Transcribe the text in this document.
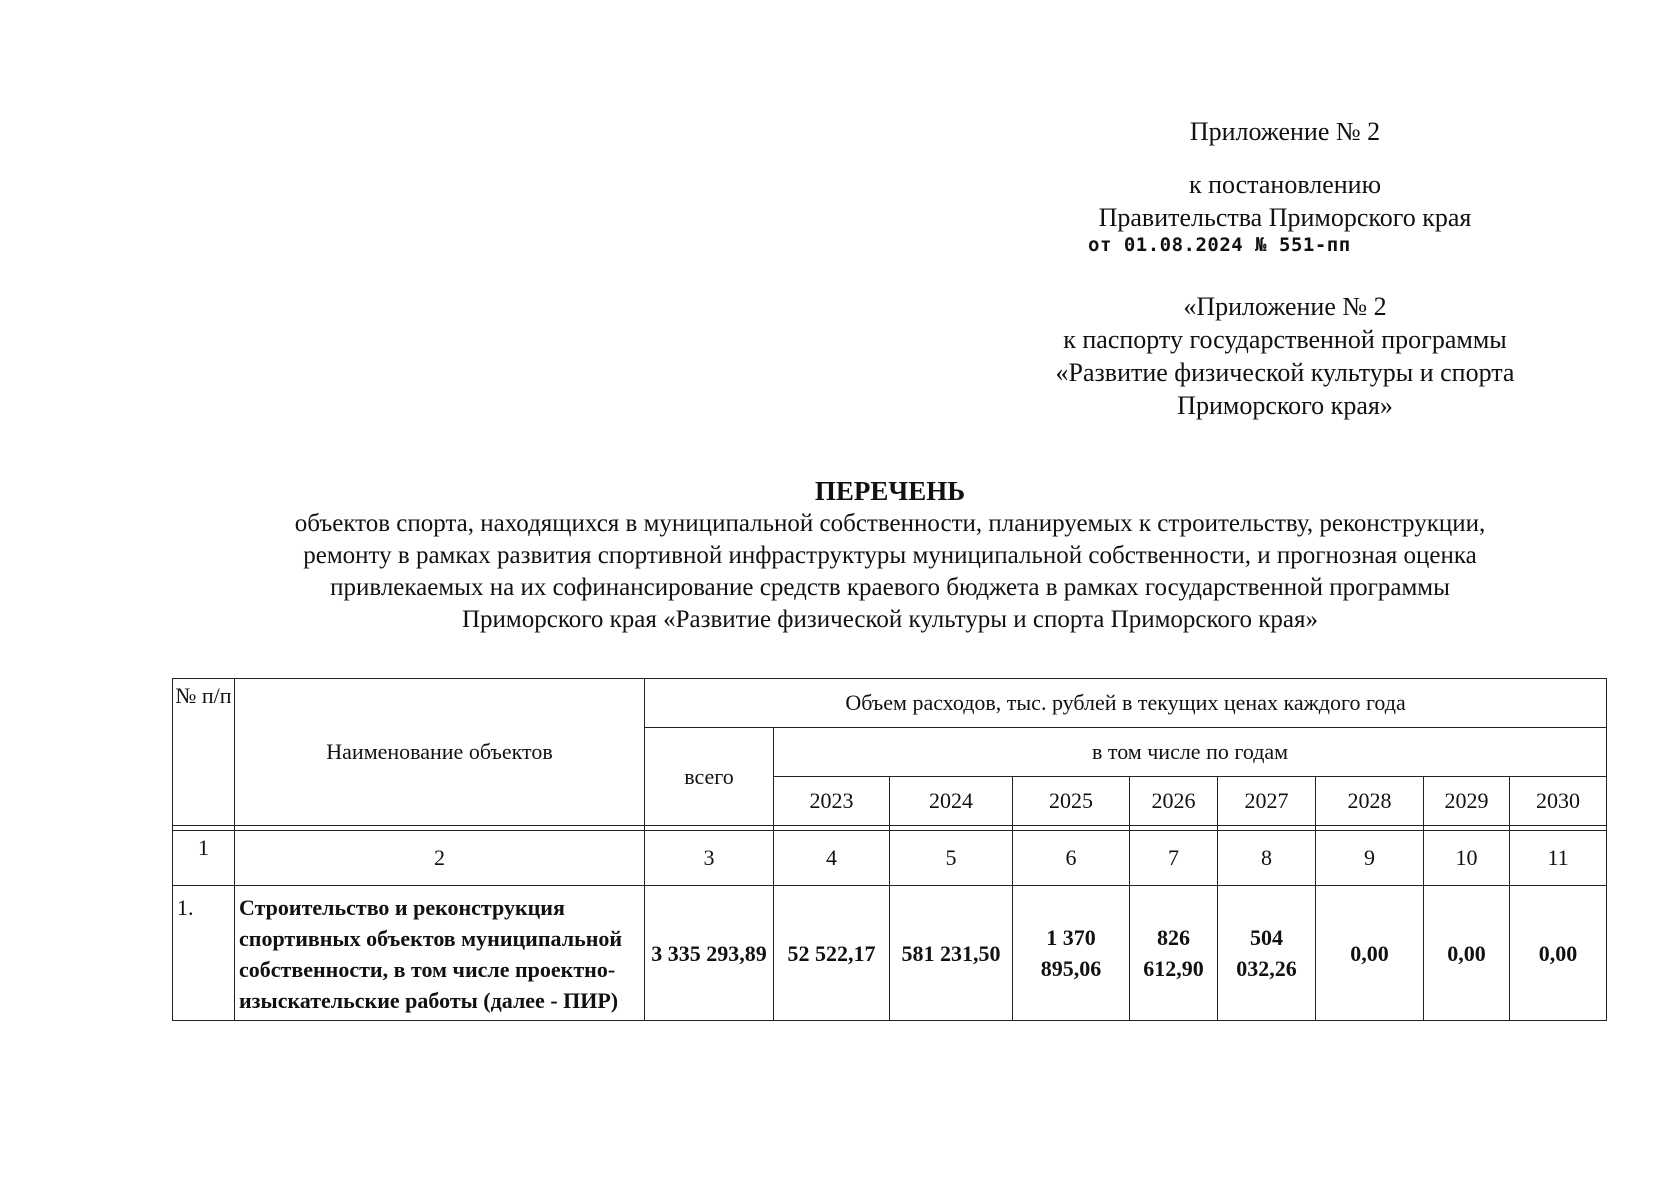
Приложение № 2
к постановлению
Правительства Приморского края
от 01.08.2024 № 551-пп
«Приложение № 2
к паспорту государственной программы
«Развитие физической культуры и спорта
Приморского края»
ПЕРЕЧЕНЬ
объектов спорта, находящихся в муниципальной собственности, планируемых к строительству, реконструкции,
ремонту в рамках развития спортивной инфраструктуры муниципальной собственности, и прогнозная оценка
привлекаемых на их софинансирование средств краевого бюджета в рамках государственной программы
Приморского края «Развитие физической культуры и спорта Приморского края»
№ п/п	Наименование объектов	Объем расходов, тыс. рублей в текущих ценах каждого года								
		всего	в том числе по годам							
			2023	2024	2025	2026	2027	2028	2029	2030

1	2	3	4	5	6	7	8	9	10	11
1.	Строительство и реконструкция спортивных объектов муниципальной собственности, в том числе проектно-изыскательские работы (далее - ПИР)	3 335 293,89	52 522,17	581 231,50	1 370 895,06	826 612,90	504 032,26	0,00	0,00	0,00
